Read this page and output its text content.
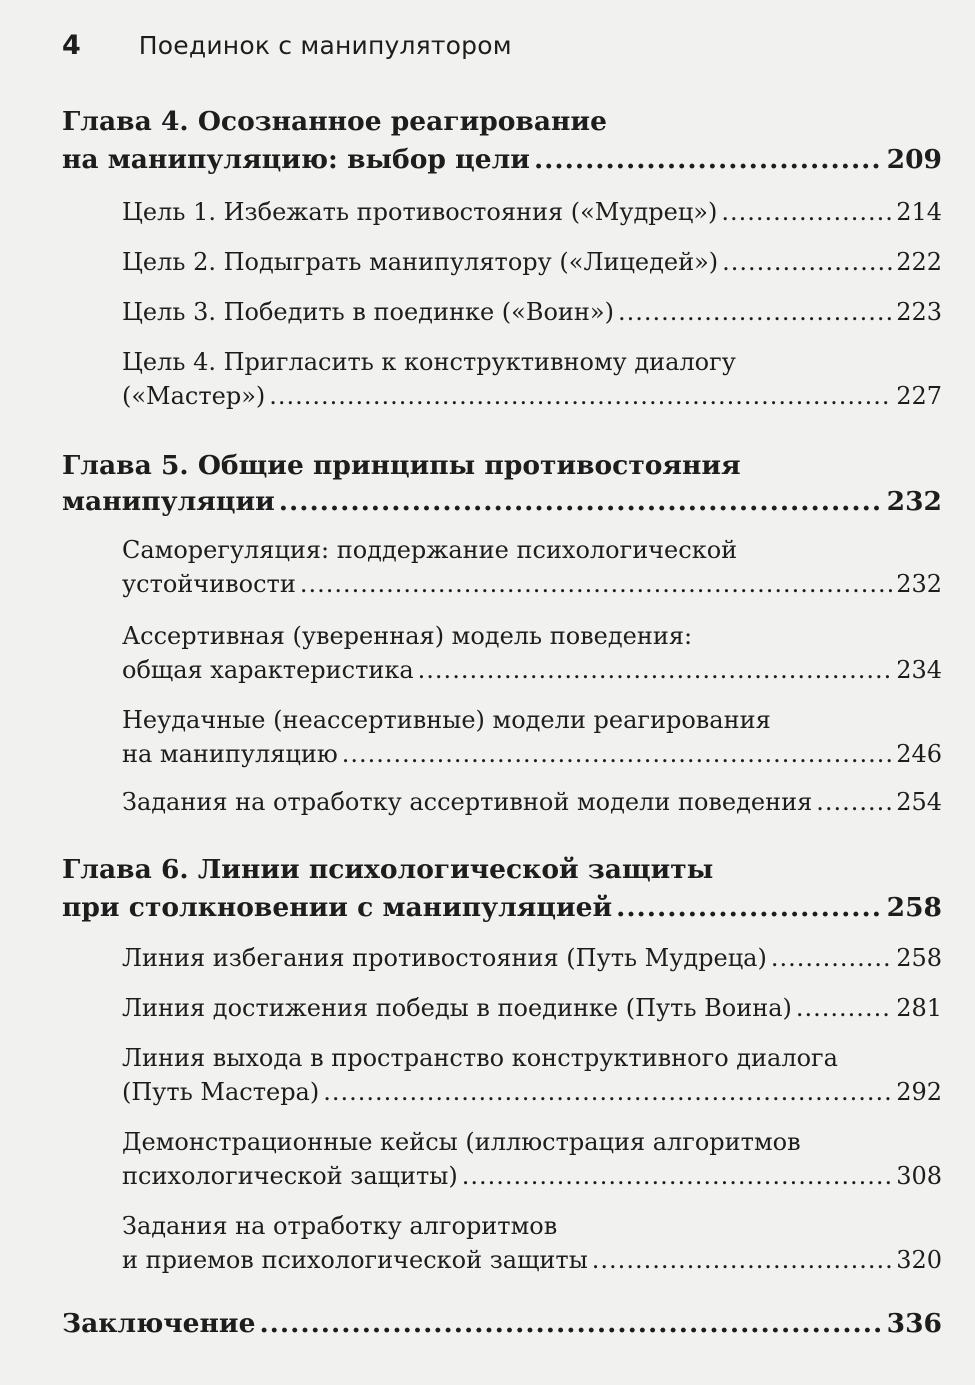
4 Поединок с манипулятором
Глава 4. Осознанное реагирование
на манипуляцию: выбор цели .....	209
Цель 1. Избежать противостояния («Мудрец») .....	214
Цель 2. Подыграть манипулятору («Лицедей») .....	222
Цель 3. Победить в поединке («Воин») .....	223
Цель 4. Пригласить к конструктивному диалогу
(«Мастер») .....	227
Глава 5. Общие принципы противостояния
манипуляции .....	232
Саморегуляция: поддержание психологической
устойчивости .....	232
Ассертивная (уверенная) модель поведения:
общая характеристика .....	234
Неудачные (неассертивные) модели реагирования
на манипуляцию .....	246
Задания на отработку ассертивной модели поведения .....	254
Глава 6. Линии психологической защиты
при столкновении с манипуляцией .....	258
Линия избегания противостояния (Путь Мудреца) .....	258
Линия достижения победы в поединке (Путь Воина) .....	281
Линия выхода в пространство конструктивного диалога
(Путь Мастера) .....	292
Демонстрационные кейсы (иллюстрация алгоритмов
психологической защиты) .....	308
Задания на отработку алгоритмов
и приемов психологической защиты .....	320
Заключение .....	336
